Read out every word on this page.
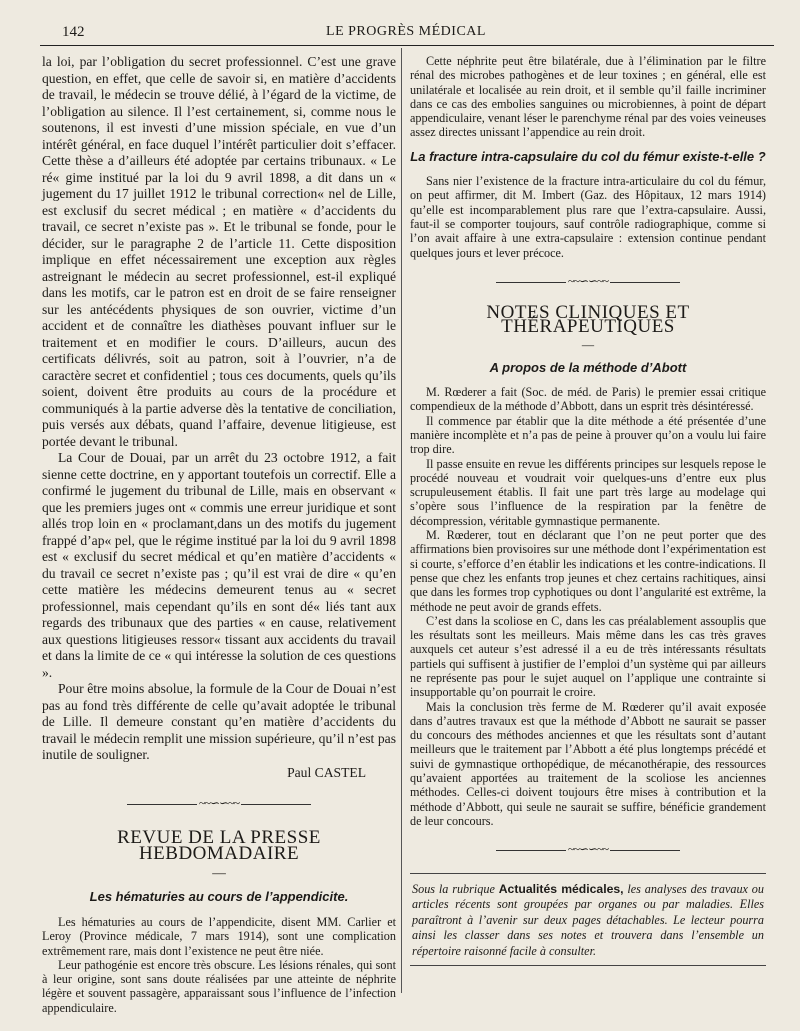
142	LE PROGRÈS MÉDICAL

la loi, par l’obligation du secret professionnel. C’est une grave question, en effet, que celle de savoir si, en matière d’accidents de travail, le médecin se trouve délié, à l’égard de la victime, de l’obligation au silence. Il l’est certainement, si, comme nous le soutenons, il est investi d’une mission spéciale, en vue d’un intérêt général, en face duquel l’intérêt particulier doit s’effacer. Cette thèse a d’ailleurs été adoptée par certains tribunaux. « Le ré« gime institué par la loi du 9 avril 1898, a dit dans un « jugement du 17 juillet 1912 le tribunal correction« nel de Lille, est exclusif du secret médical ; en matière « d’accidents du travail, ce secret n’existe pas ». Et le tribunal se fonde, pour le décider, sur le paragraphe 2 de l’article 11. Cette disposition implique en effet nécessairement une exception aux règles astreignant le médecin au secret professionnel, est-il expliqué dans les motifs, car le patron est en droit de se faire renseigner sur les antécédents physiques de son ouvrier, victime d’un accident et de connaître les diathèses pouvant influer sur le traitement et en modifier le cours. D’ailleurs, aucun des certificats délivrés, soit au patron, soit à l’ouvrier, n’a de caractère secret et confidentiel ; tous ces documents, quels qu’ils soient, doivent être produits au cours de la procédure et communiqués à la partie adverse dès la tentative de conciliation, puis versés aux débats, quand l’affaire, devenue litigieuse, est portée devant le tribunal.

La Cour de Douai, par un arrêt du 23 octobre 1912, a fait sienne cette doctrine, en y apportant toutefois un correctif. Elle a confirmé le jugement du tribunal de Lille, mais en observant « que les premiers juges ont « commis une erreur juridique et sont allés trop loin en « proclamant,dans un des motifs du jugement frappé d’ap« pel, que le régime institué par la loi du 9 avril 1898 est « exclusif du secret médical et qu’en matière d’accidents « du travail ce secret n’existe pas ; qu’il est vrai de dire « qu’en cette matière les médecins demeurent tenus au « secret professionnel, mais cependant qu’ils en sont dé« liés tant aux regards des tribunaux que des parties « en cause, relativement aux questions litigieuses ressor« tissant aux accidents du travail et dans la limite de ce « qui intéresse la solution de ces questions ».

Pour être moins absolue, la formule de la Cour de Douai n’est pas au fond très différente de celle qu’avait adoptée le tribunal de Lille. Il demeure constant qu’en matière d’accidents du travail le médecin remplit une mission supérieure, qu’il n’est pas inutile de souligner.

Paul CASTEL

~~∽∽~~
REVUE DE LA PRESSE HEBDOMADAIRE
—
Les hématuries au cours de l’appendicite.

Les hématuries au cours de l’appendicite, disent MM. Carlier et Leroy (Province médicale, 7 mars 1914), sont une complication extrêmement rare, mais dont l’existence ne peut être niée.

Leur pathogénie est encore très obscure. Les lésions rénales, qui sont à leur origine, sont sans doute réalisées par une atteinte de néphrite légère et souvent passagère, apparaissant sous l’influence de l’infection appendiculaire.

Cette néphrite peut être bilatérale, due à l’élimination par le filtre rénal des microbes pathogènes et de leur toxines ; en général, elle est unilatérale et localisée au rein droit, et il semble qu’il faille incriminer dans ce cas des embolies sanguines ou microbiennes, à point de départ appendiculaire, venant léser le parenchyme rénal par des voies veineuses assez directes unissant l’appendice au rein droit.

La fracture intra-capsulaire du col du fémur existe-t-elle ?

Sans nier l’existence de la fracture intra-articulaire du col du fémur, on peut affirmer, dit M. Imbert (Gaz. des Hôpitaux, 12 mars 1914) qu’elle est incomparablement plus rare que l’extra-capsulaire. Aussi, faut-il se comporter toujours, sauf contrôle radiographique, comme si l’on avait affaire à une extra-capsulaire : extension continue pendant quelques jours et lever précoce.

~~∽∽~~
NOTES CLINIQUES ET THÉRAPEUTIQUES
—
A propos de la méthode d’Abott

M. Rœderer a fait (Soc. de méd. de Paris) le premier essai critique compendieux de la méthode d’Abbott, dans un esprit très désintéressé.

Il commence par établir que la dite méthode a été présentée d’une manière incomplète et n’a pas de peine à prouver qu’on a voulu lui faire trop dire.

Il passe ensuite en revue les différents principes sur lesquels repose le procédé nouveau et voudrait voir quelques-uns d’entre eux plus scrupuleusement établis. Il fait une part très large au modelage qui s’opère sous l’influence de la respiration par la fenêtre de décompression, véritable gymnastique permanente.

M. Rœderer, tout en déclarant que l’on ne peut porter que des affirmations bien provisoires sur une méthode dont l’expérimentation est si courte, s’efforce d’en établir les indications et les contre-indications. Il pense que chez les enfants trop jeunes et chez certains rachitiques, ainsi que dans les formes trop cyphotiques ou dont l’angularité est extrême, la méthode ne peut avoir de grands effets.

C’est dans la scoliose en C, dans les cas préalablement assouplis que les résultats sont les meilleurs. Mais même dans les cas très graves auxquels cet auteur s’est adressé il a eu de très intéressants résultats partiels qui suffisent à justifier de l’emploi d’un système qui par ailleurs ne représente pas pour le sujet auquel on l’applique une contrainte si insupportable qu’on pourrait le croire.

Mais la conclusion très ferme de M. Rœderer qu’il avait exposée dans d’autres travaux est que la méthode d’Abbott ne saurait se passer du concours des méthodes anciennes et que les résultats sont d’autant meilleurs que le traitement par l’Abbott a été plus longtemps précédé et suivi de gymnastique orthopédique, de mécanothérapie, des ressources qu’avaient apportées au traitement de la scoliose les anciennes méthodes. Celles-ci doivent toujours être mises à contribution et la méthode d’Abbott, qui seule ne saurait se suffire, bénéficie grandement de leur concours.

~~∽∽~~
Sous la rubrique Actualités médicales, les analyses des travaux ou articles récents sont groupées par organes ou par maladies. Elles paraîtront à l’avenir sur deux pages détachables. Le lecteur pourra ainsi les classer dans ses notes et trouvera dans l’ensemble un répertoire raisonné facile à consulter.
